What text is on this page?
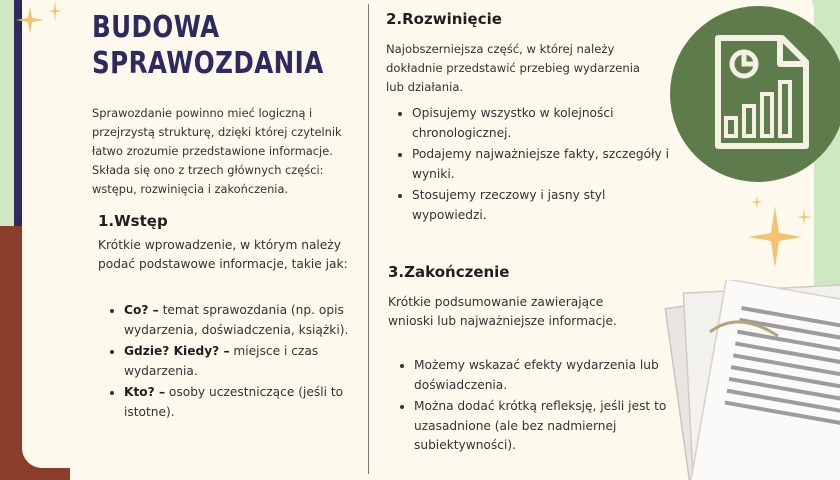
BUDOWA
SPRAWOZDANIA

Sprawozdanie powinno mieć logiczną i przejrzystą strukturę, dzięki której czytelnik łatwo zrozumie przedstawione informacje. Składa się ono z trzech głównych części: wstępu, rozwinięcia i zakończenia.

1.Wstęp

Krótkie wprowadzenie, w którym należy podać podstawowe informacje, takie jak:

• Co? – temat sprawozdania (np. opis wydarzenia, doświadczenia, książki).
• Gdzie? Kiedy? – miejsce i czas wydarzenia.
• Kto? – osoby uczestniczące (jeśli to istotne).
2.Rozwinięcie

Najobszerniejsza część, w której należy dokładnie przedstawić przebieg wydarzenia lub działania.

• Opisujemy wszystko w kolejności chronologicznej.
• Podajemy najważniejsze fakty, szczegóły i wyniki.
• Stosujemy rzeczowy i jasny styl wypowiedzi.
3.Zakończenie

Krótkie podsumowanie zawierające wnioski lub najważniejsze informacje.

• Możemy wskazać efekty wydarzenia lub doświadczenia.
• Można dodać krótką refleksję, jeśli jest to uzasadnione (ale bez nadmiernej subiektywności).
